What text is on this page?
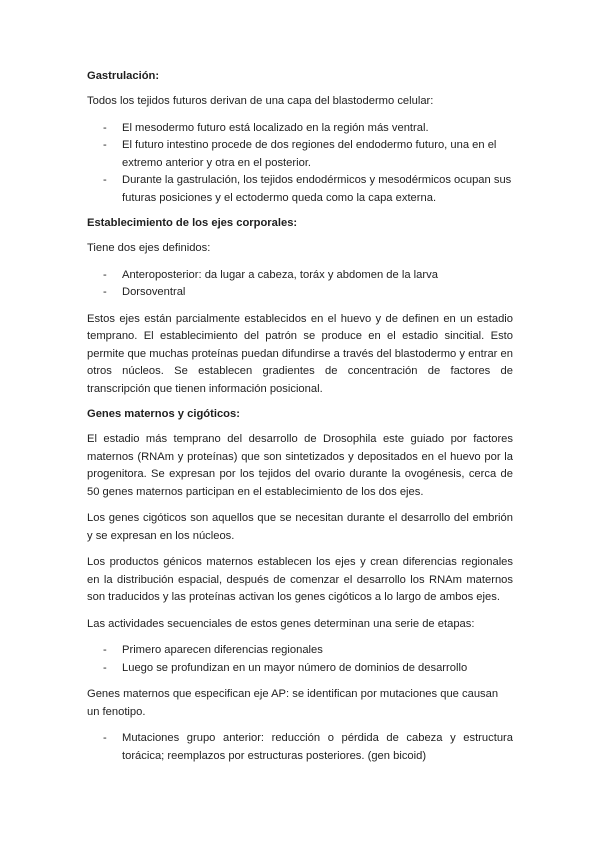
Gastrulación:

Todos los tejidos futuros derivan de una capa del blastodermo celular:

- El mesodermo futuro está localizado en la región más ventral.
- El futuro intestino procede de dos regiones del endodermo futuro, una en el extremo anterior y otra en el posterior.
- Durante la gastrulación, los tejidos endodérmicos y mesodérmicos ocupan sus futuras posiciones y el ectodermo queda como la capa externa.
Establecimiento de los ejes corporales:

Tiene dos ejes definidos:

- Anteroposterior: da lugar a cabeza, toráx y abdomen de la larva
- Dorsoventral

Estos ejes están parcialmente establecidos en el huevo y de definen en un estadio temprano. El establecimiento del patrón se produce en el estadio sincitial. Esto permite que muchas proteínas puedan difundirse a través del blastodermo y entrar en otros núcleos. Se establecen gradientes de concentración de factores de transcripción que tienen información posicional.

Genes maternos y cigóticos:

El estadio más temprano del desarrollo de Drosophila este guiado por factores maternos (RNAm y proteínas) que son sintetizados y depositados en el huevo por la progenitora. Se expresan por los tejidos del ovario durante la ovogénesis, cerca de 50 genes maternos participan en el establecimiento de los dos ejes.

Los genes cigóticos son aquellos que se necesitan durante el desarrollo del embrión y se expresan en los núcleos.

Los productos génicos maternos establecen los ejes y crean diferencias regionales en la distribución espacial, después de comenzar el desarrollo los RNAm maternos son traducidos y las proteínas activan los genes cigóticos a lo largo de ambos ejes.

Las actividades secuenciales de estos genes determinan una serie de etapas:

- Primero aparecen diferencias regionales
- Luego se profundizan en un mayor número de dominios de desarrollo

Genes maternos que especifican eje AP: se identifican por mutaciones que causan un fenotipo.

- Mutaciones grupo anterior: reducción o pérdida de cabeza y estructura torácica; reemplazos por estructuras posteriores. (gen bicoid)
